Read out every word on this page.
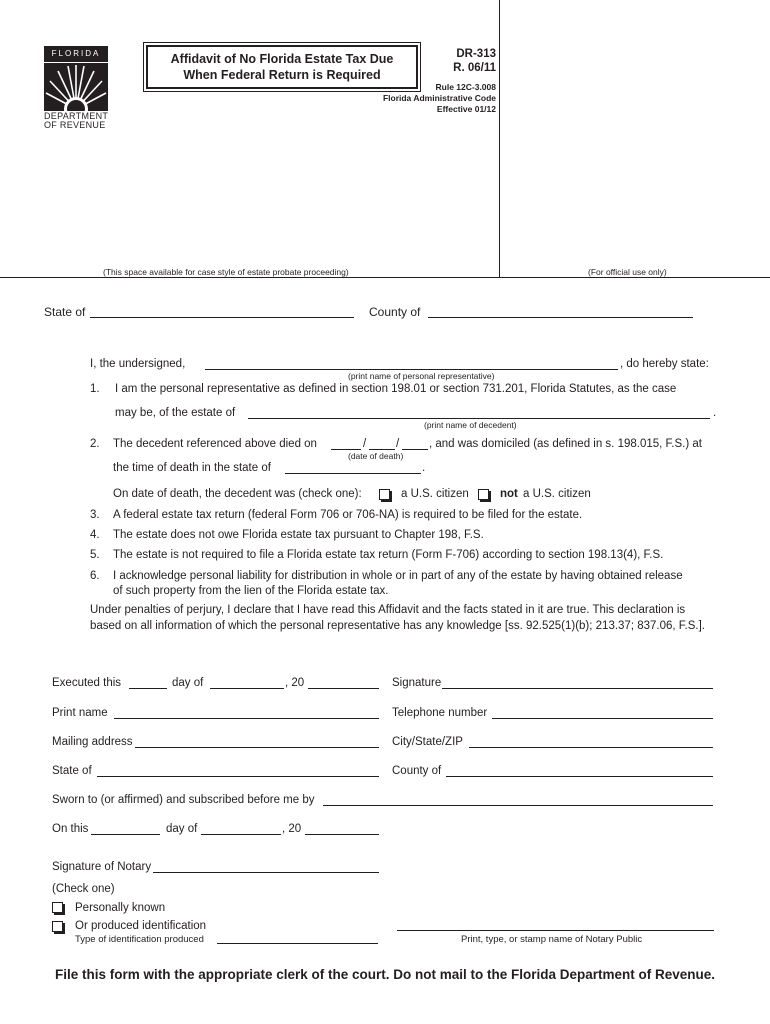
FLORIDA
DEPARTMENT
OF REVENUE
Affidavit of No Florida Estate Tax Due
When Federal Return is Required
DR-313
R. 06/11
Rule 12C-3.008
Florida Administrative Code
Effective 01/12
(This space available for case style of estate probate proceeding)	(For official use only)
State of	County of
I, the undersigned,	, do hereby state:
(print name of personal representative)
1. I am the personal representative as defined in section 198.01 or section 731.201, Florida Statutes, as the case
may be, of the estate of	.
(print name of decedent)
2. The decedent referenced above died on	/	/	, and was domiciled (as defined in s. 198.015, F.S.) at
(date of death)
the time of death in the state of	.
On date of death, the decedent was (check one):	a U.S. citizen	not a U.S. citizen
3. A federal estate tax return (federal Form 706 or 706-NA) is required to be filed for the estate.
4. The estate does not owe Florida estate tax pursuant to Chapter 198, F.S.
5. The estate is not required to file a Florida estate tax return (Form F-706) according to section 198.13(4), F.S.
6. I acknowledge personal liability for distribution in whole or in part of any of the estate by having obtained release
of such property from the lien of the Florida estate tax.
Under penalties of perjury, I declare that I have read this Affidavit and the facts stated in it are true. This declaration is
based on all information of which the personal representative has any knowledge [ss. 92.525(1)(b); 213.37; 837.06, F.S.].
Executed this	day of	, 20	Signature
Print name	Telephone number
Mailing address	City/State/ZIP
State of	County of
Sworn to (or affirmed) and subscribed before me by
On this	day of	, 20
Signature of Notary
(Check one)
Personally known
Or produced identification
Type of identification produced	Print, type, or stamp name of Notary Public
File this form with the appropriate clerk of the court. Do not mail to the Florida Department of Revenue.
